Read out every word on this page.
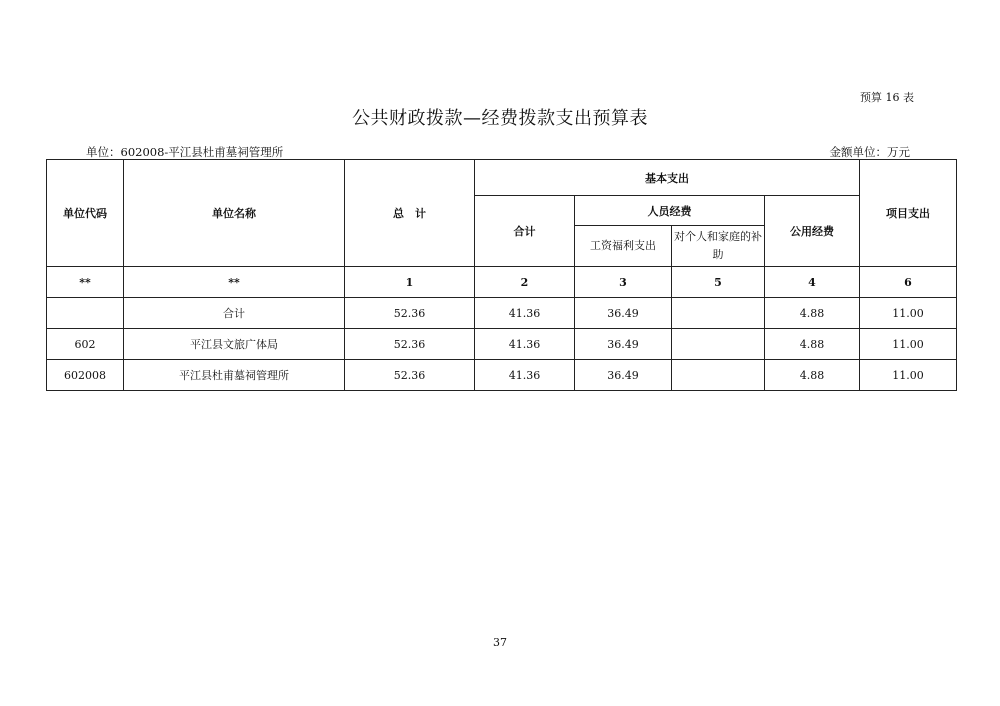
预算 16 表
公共财政拨款—经费拨款支出预算表
单位：602008-平江县杜甫墓祠管理所	金额单位：万元
单位代码	单位名称	总　计	基本支出				项目支出
			合计	人员经费		公用经费	
				工资福利支出	对个人和家庭的补助		
**	**	1	2	3	5	4	6
	合计	52.36	41.36	36.49		4.88	11.00
602	平江县文旅广体局	52.36	41.36	36.49		4.88	11.00
602008	平江县杜甫墓祠管理所	52.36	41.36	36.49		4.88	11.00
37
